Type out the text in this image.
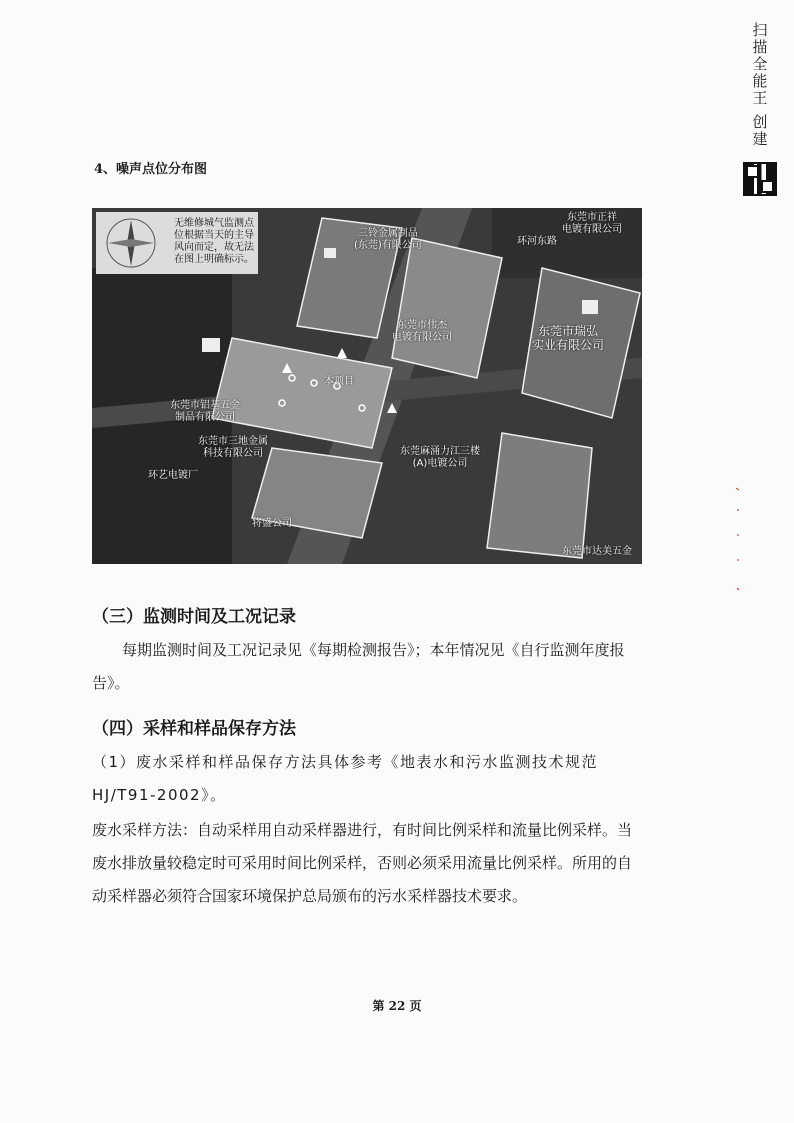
扫描全能王 创建
4、噪声点位分布图
无维修城气监测点位根据当天的主导风向而定，故无法在图上明确标示。
东莞市正祥
电镀有限公司
环河东路
东莞市瑞弘
实业有限公司
三铃金属制品
(东莞)有限公司
东莞市伟杰
电镀有限公司
东莞市铝基五金
制品有限公司
东莞市三地金属
科技有限公司	东莞麻涌力江三楼
(A)电镀公司
环艺电镀厂
将盛公司
东莞市达美五金
本项目
（三）监测时间及工况记录
每期监测时间及工况记录见《每期检测报告》；本年情况见《自行监测年度报告》。
（四）采样和样品保存方法
（1）废水采样和样品保存方法具体参考《地表水和污水监测技术规范HJ/T91-2002》。
废水采样方法：自动采样用自动采样器进行，有时间比例采样和流量比例采样。当废水排放量较稳定时可采用时间比例采样，否则必须采用流量比例采样。所用的自动采样器必须符合国家环境保护总局颁布的污水采样器技术要求。
第 22 页
